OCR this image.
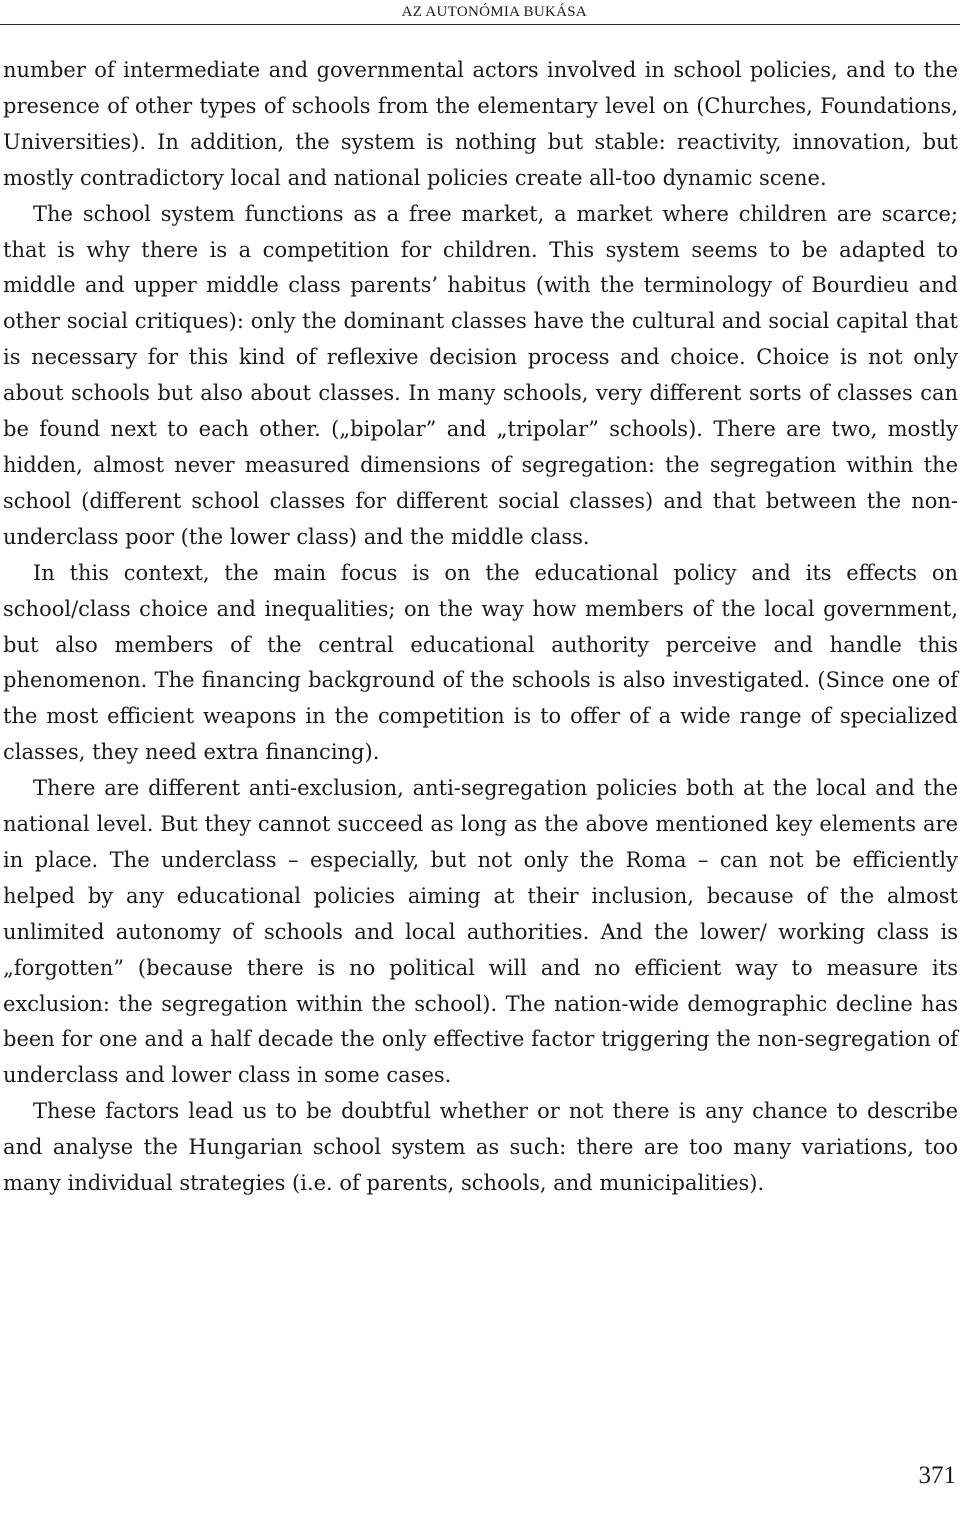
AZ AUTONÓMIA BUKÁSA

number of intermediate and governmental actors involved in school policies, and to the presence of other types of schools from the elementary level on (Churches, Foundations, Universities). In addition, the system is nothing but stable: reactivity, innovation, but mostly contradictory local and national policies create all-too dynamic scene.

The school system functions as a free market, a market where children are scarce; that is why there is a competition for children. This system seems to be adapted to middle and upper middle class parents’ habitus (with the terminology of Bourdieu and other social critiques): only the dominant classes have the cultural and social capital that is necessary for this kind of reflexive decision process and choice. Choice is not only about schools but also about classes. In many schools, very different sorts of classes can be found next to each other. („bipolar” and „tripolar” schools). There are two, mostly hidden, almost never measured dimensions of segregation: the segregation within the school (different school classes for different social classes) and that between the non-underclass poor (the lower class) and the middle class.

In this context, the main focus is on the educational policy and its effects on school/class choice and inequalities; on the way how members of the local government, but also members of the central educational authority perceive and handle this phenomenon. The financing background of the schools is also investigated. (Since one of the most efficient weapons in the competition is to offer of a wide range of specialized classes, they need extra financing).

There are different anti-exclusion, anti-segregation policies both at the local and the national level. But they cannot succeed as long as the above mentioned key elements are in place. The underclass – especially, but not only the Roma – can not be efficiently helped by any educational policies aiming at their inclusion, because of the almost unlimited autonomy of schools and local authorities. And the lower/ working class is „forgotten” (because there is no political will and no efficient way to measure its exclusion: the segregation within the school). The nation-wide demographic decline has been for one and a half decade the only effective factor triggering the non-segregation of underclass and lower class in some cases.

These factors lead us to be doubtful whether or not there is any chance to describe and analyse the Hungarian school system as such: there are too many variations, too many individual strategies (i.e. of parents, schools, and municipalities).

371
